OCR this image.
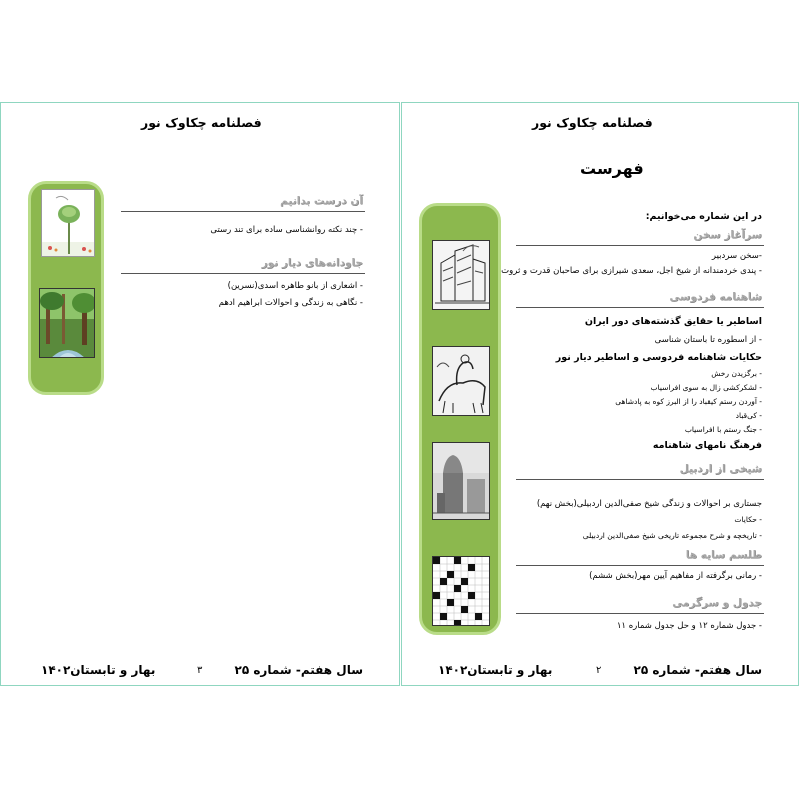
فصلنامه چکاوک نور
آن درست بدانیم
- چند نکته روانشناسی ساده برای تند رستی
جاودانه‌های دیار نور
- اشعاری از بانو طاهره اسدی(نسرین)
- نگاهی به زندگی و احوالات ابراهیم ادهم
سال هفتم- شماره ۲۵
۳
بهار و تابستان۱۴۰۲
فصلنامه چکاوک نور
فهرست
در این شماره می‌خوانیم:
سرآغاز سخن
-سخن سردبیر
- پندی خردمندانه از شیخ اجل، سعدی شیرازی برای صاحبان قدرت و ثروت
شاهنامه فردوسی
اساطیر یا حقایق گذشته‌های دور ایران
- از اسطوره تا باستان شناسی
حکایات شاهنامه فردوسی و اساطیر دیار نور
- برگزیدن رخش
- لشکرکشی زال به سوی افراسیاب
- آوردن رستم کیقباد را از البرز کوه به پادشاهی
- کی‌قباد
- جنگ رستم با افراسیاب
فرهنگ نامهای شاهنامه
شیخی از اردبیل
جستاری بر احوالات و زندگی شیخ صفی‌الدین اردبیلی(بخش نهم)
- حکایات
- تاریخچه و شرح مجموعه تاریخی شیخ صفی‌الدین اردبیلی
طلسم سایه ها
- رمانی برگرفته از مفاهیم آیین مهر(بخش ششم)
جدول و سرگرمی
- جدول شماره ۱۲ و حل جدول شماره ۱۱
سال هفتم- شماره ۲۵
۲
بهار و تابستان۱۴۰۲
